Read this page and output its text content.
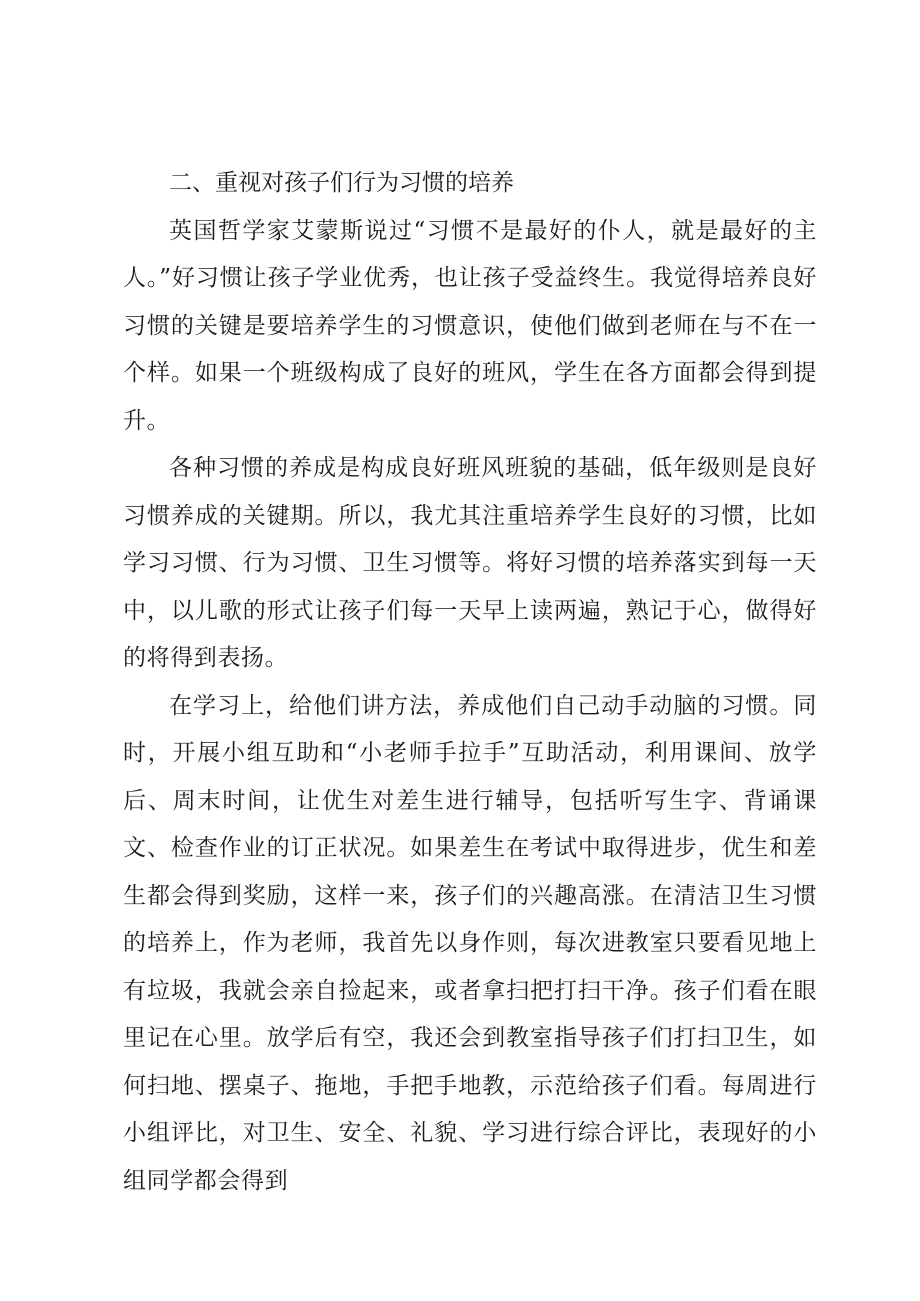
二、重视对孩子们行为习惯的培养

英国哲学家艾蒙斯说过“习惯不是最好的仆人，就是最好的主人。”好习惯让孩子学业优秀，也让孩子受益终生。我觉得培养良好习惯的关键是要培养学生的习惯意识，使他们做到老师在与不在一个样。如果一个班级构成了良好的班风，学生在各方面都会得到提升。

各种习惯的养成是构成良好班风班貌的基础，低年级则是良好习惯养成的关键期。所以，我尤其注重培养学生良好的习惯，比如学习习惯、行为习惯、卫生习惯等。将好习惯的培养落实到每一天中，以儿歌的形式让孩子们每一天早上读两遍，熟记于心，做得好的将得到表扬。

在学习上，给他们讲方法，养成他们自己动手动脑的习惯。同时，开展小组互助和“小老师手拉手”互助活动，利用课间、放学后、周末时间，让优生对差生进行辅导，包括听写生字、背诵课文、检查作业的订正状况。如果差生在考试中取得进步，优生和差生都会得到奖励，这样一来，孩子们的兴趣高涨。在清洁卫生习惯的培养上，作为老师，我首先以身作则，每次进教室只要看见地上有垃圾，我就会亲自捡起来，或者拿扫把打扫干净。孩子们看在眼里记在心里。放学后有空，我还会到教室指导孩子们打扫卫生，如何扫地、摆桌子、拖地，手把手地教，示范给孩子们看。每周进行小组评比，对卫生、安全、礼貌、学习进行综合评比，表现好的小组同学都会得到
